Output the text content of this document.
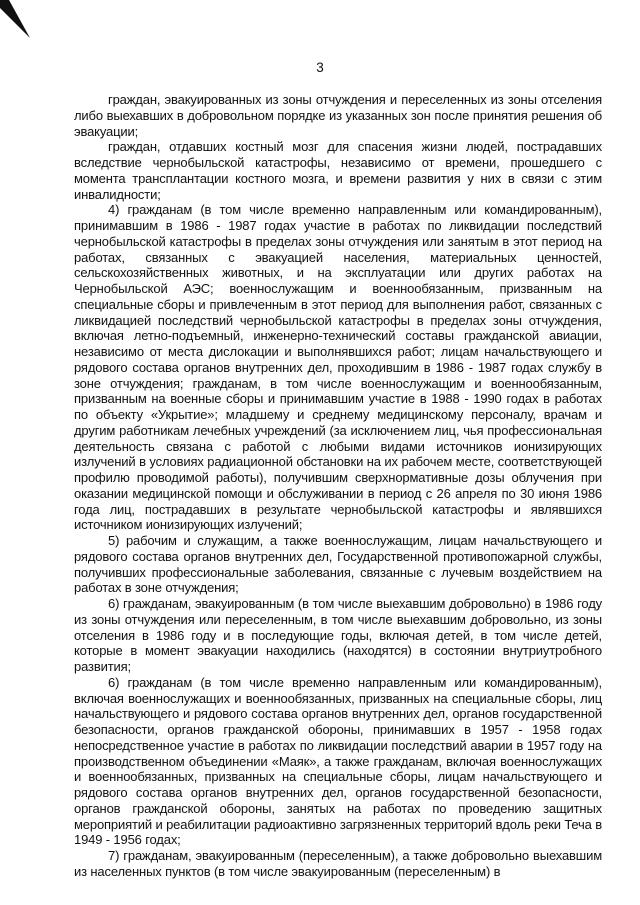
3

граждан, эвакуированных из зоны отчуждения и переселенных из зоны отселения либо выехавших в добровольном порядке из указанных зон после принятия решения об эвакуации;

граждан, отдавших костный мозг для спасения жизни людей, пострадавших вследствие чернобыльской катастрофы, независимо от времени, прошедшего с момента трансплантации костного мозга, и времени развития у них в связи с этим инвалидности;

4) гражданам (в том числе временно направленным или командированным), принимавшим в 1986 - 1987 годах участие в работах по ликвидации последствий чернобыльской катастрофы в пределах зоны отчуждения или занятым в этот период на работах, связанных с эвакуацией населения, материальных ценностей, сельскохозяйственных животных, и на эксплуатации или других работах на Чернобыльской АЭС; военнослужащим и военнообязанным, призванным на специальные сборы и привлеченным в этот период для выполнения работ, связанных с ликвидацией последствий чернобыльской катастрофы в пределах зоны отчуждения, включая летно-подъемный, инженерно-технический составы гражданской авиации, независимо от места дислокации и выполнявшихся работ; лицам начальствующего и рядового состава органов внутренних дел, проходившим в 1986 - 1987 годах службу в зоне отчуждения; гражданам, в том числе военнослужащим и военнообязанным, призванным на военные сборы и принимавшим участие в 1988 - 1990 годах в работах по объекту «Укрытие»; младшему и среднему медицинскому персоналу, врачам и другим работникам лечебных учреждений (за исключением лиц, чья профессиональная деятельность связана с работой с любыми видами источников ионизирующих излучений в условиях радиационной обстановки на их рабочем месте, соответствующей профилю проводимой работы), получившим сверхнормативные дозы облучения при оказании медицинской помощи и обслуживании в период с 26 апреля по 30 июня 1986 года лиц, пострадавших в результате чернобыльской катастрофы и являвшихся источником ионизирующих излучений;

5) рабочим и служащим, а также военнослужащим, лицам начальствующего и рядового состава органов внутренних дел, Государственной противопожарной службы, получивших профессиональные заболевания, связанные с лучевым воздействием на работах в зоне отчуждения;

6) гражданам, эвакуированным (в том числе выехавшим добровольно) в 1986 году из зоны отчуждения или переселенным, в том числе выехавшим добровольно, из зоны отселения в 1986 году и в последующие годы, включая детей, в том числе детей, которые в момент эвакуации находились (находятся) в состоянии внутриутробного развития;

6) гражданам (в том числе временно направленным или командированным), включая военнослужащих и военнообязанных, призванных на специальные сборы, лиц начальствующего и рядового состава органов внутренних дел, органов государственной безопасности, органов гражданской обороны, принимавших в 1957 - 1958 годах непосредственное участие в работах по ликвидации последствий аварии в 1957 году на производственном объединении «Маяк», а также гражданам, включая военнослужащих и военнообязанных, призванных на специальные сборы, лицам начальствующего и рядового состава органов внутренних дел, органов государственной безопасности, органов гражданской обороны, занятых на работах по проведению защитных мероприятий и реабилитации радиоактивно загрязненных территорий вдоль реки Теча в 1949 - 1956 годах;

7) гражданам, эвакуированным (переселенным), а также добровольно выехавшим из населенных пунктов (в том числе эвакуированным (переселенным) в
